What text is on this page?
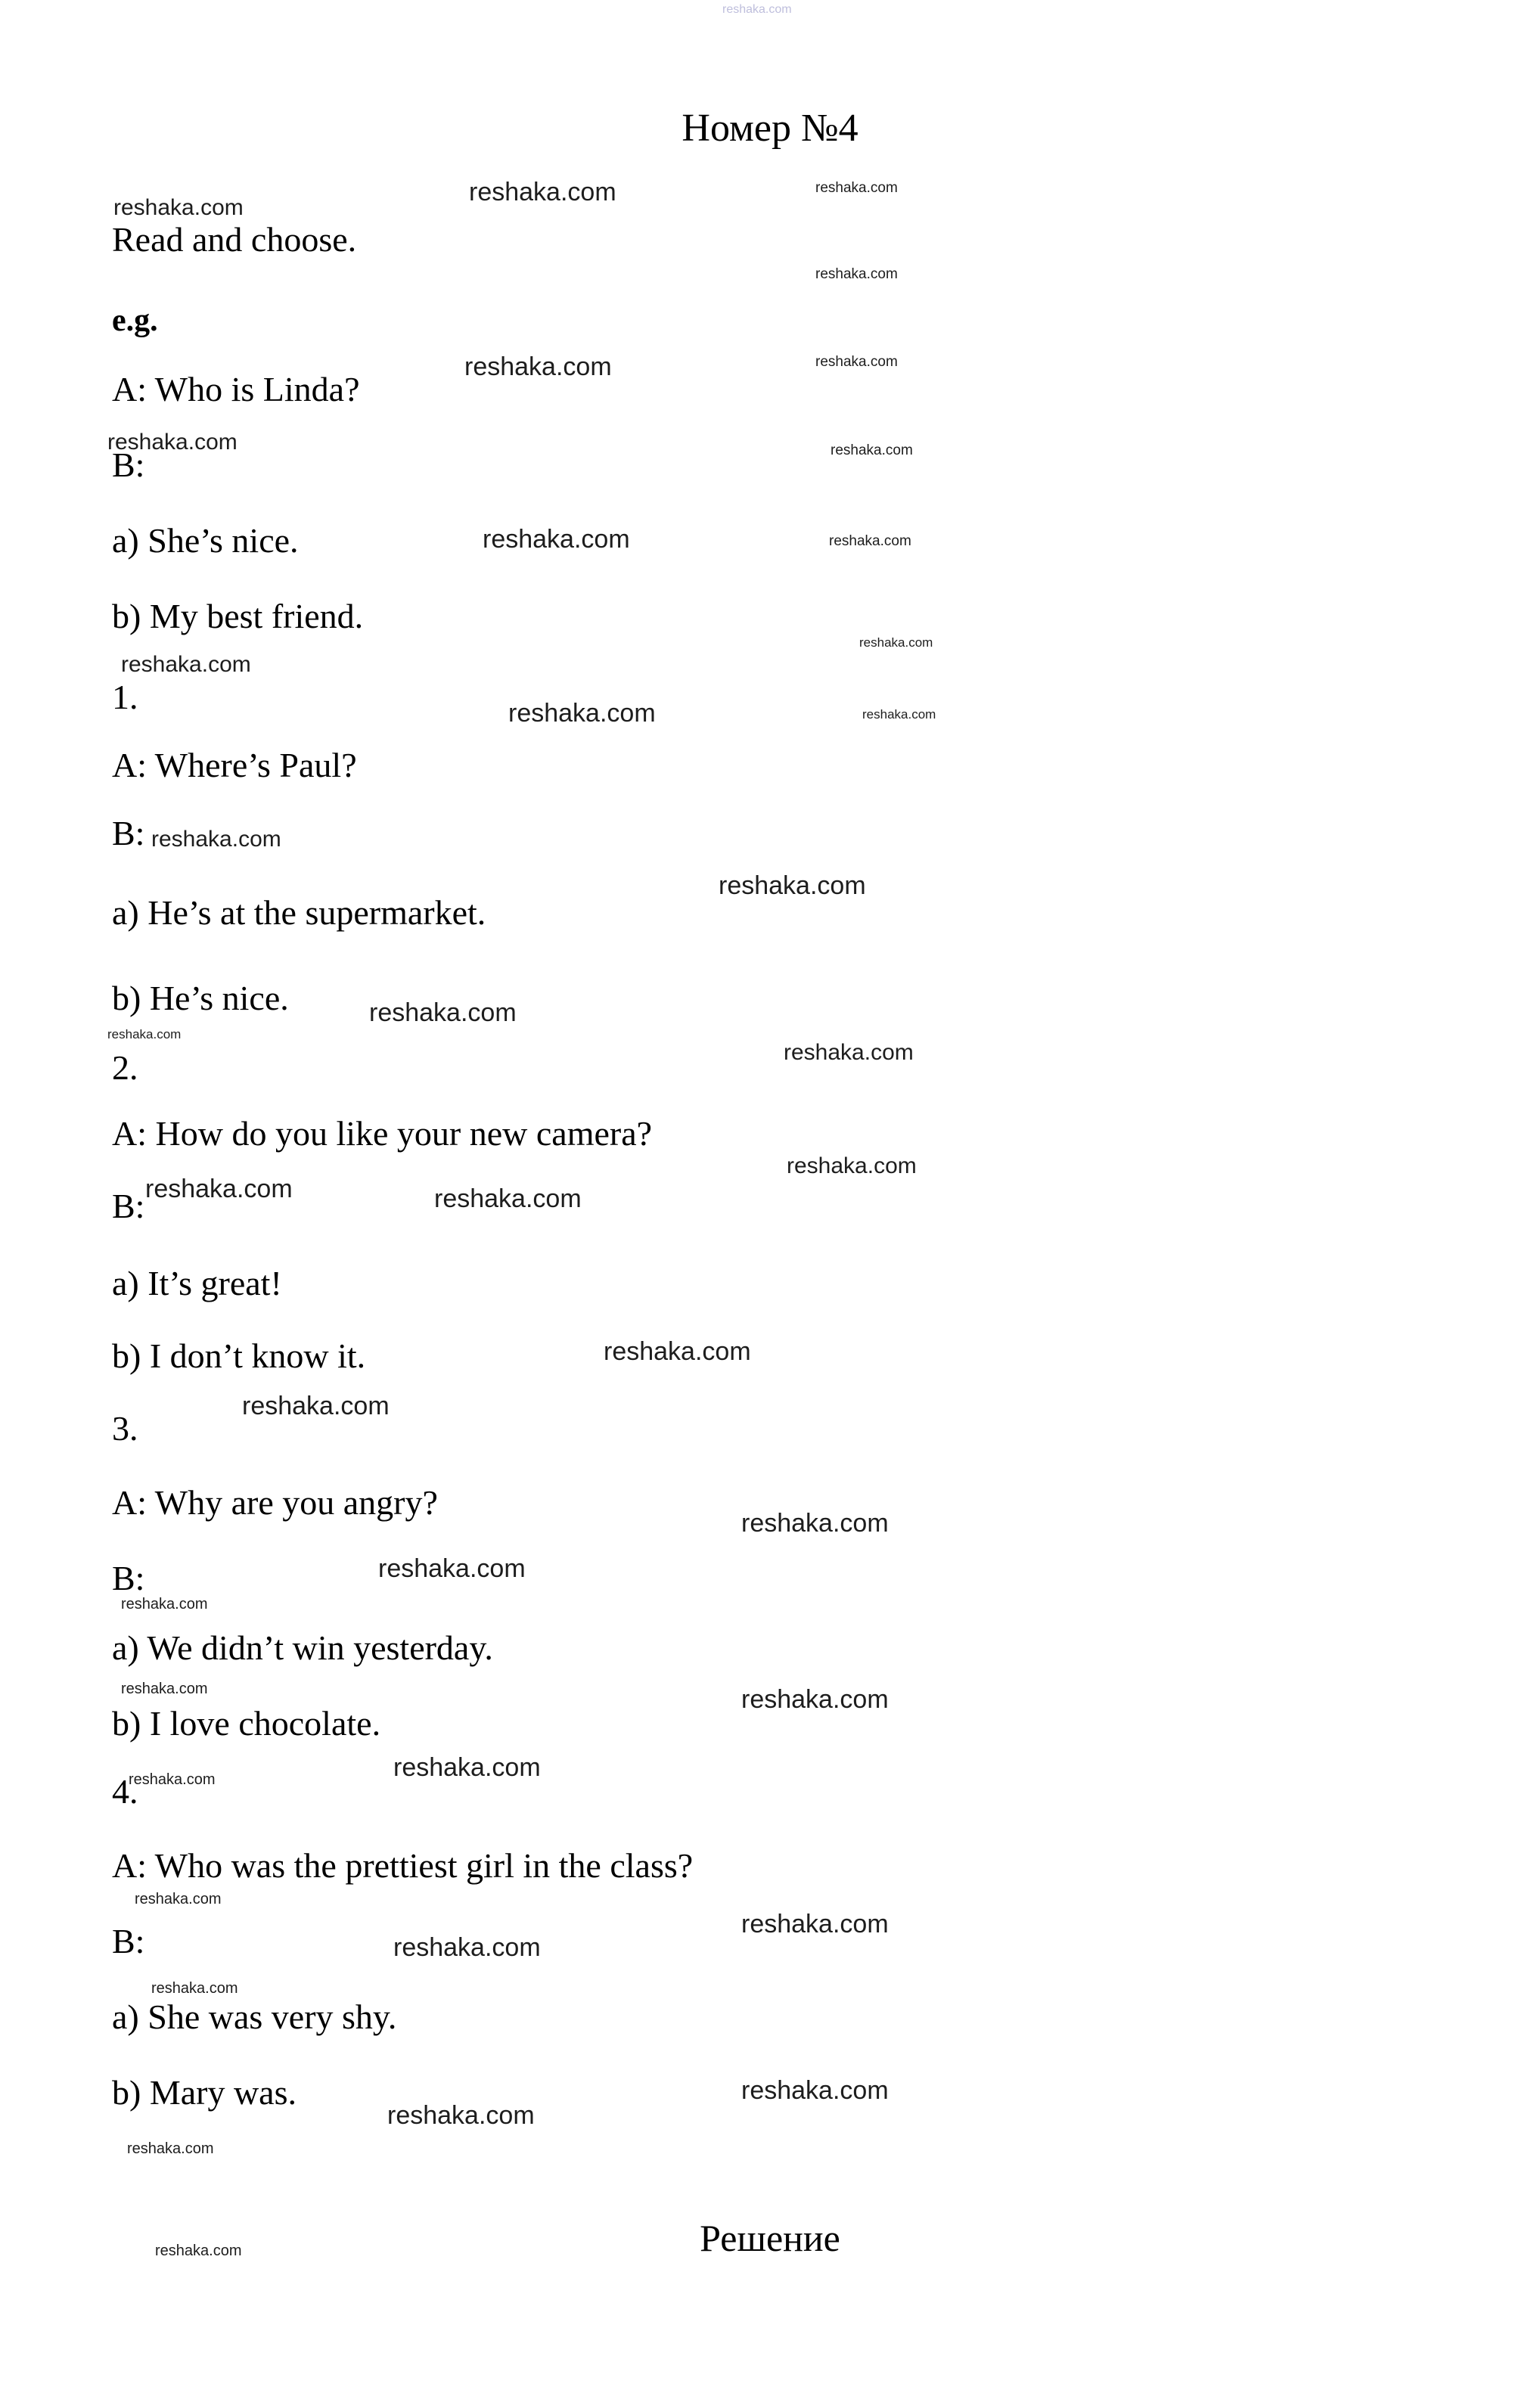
Номер №4
Read and choose.
e.g.
A: Who is Linda?
B:
a) She’s nice.
b) My best friend.
1.
A: Where’s Paul?
B:
a) He’s at the supermarket.
b) He’s nice.
2.
A: How do you like your new camera?
B:
a) It’s great!
b) I don’t know it.
3.
A: Why are you angry?
B:
a) We didn’t win yesterday.
b) I love chocolate.
4.
A: Who was the prettiest girl in the class?
B:
a) She was very shy.
b) Mary was.
Решение
reshaka.com
reshaka.com
reshaka.com
reshaka.com
reshaka.com
reshaka.com	reshaka.com
reshaka.com	reshaka.com
reshaka.com	reshaka.com
reshaka.com
reshaka.com
reshaka.com	reshaka.com
reshaka.com
reshaka.com
reshaka.com
reshaka.com
reshaka.com
reshaka.com	reshaka.com
reshaka.com
reshaka.com
reshaka.com
reshaka.com
reshaka.com
reshaka.com
reshaka.com	reshaka.com
reshaka.com
reshaka.com
reshaka.com
reshaka.com
reshaka.com
reshaka.com
reshaka.com
reshaka.com
reshaka.com
reshaka.com
